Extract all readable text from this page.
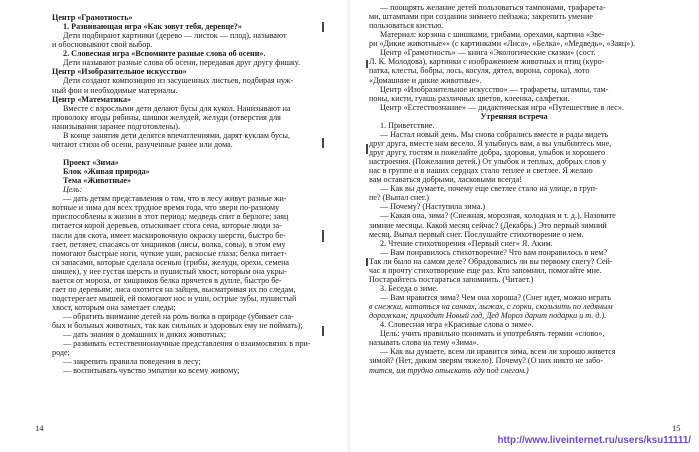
Центр «Грамотность»
1. Развивающая игра «Как зовут тебя, деревце?»
Дети подбирают картинки (дерево — листок — плод), называют
и обосновывают свой выбор.
2. Словесная игра «Вспомните разные слова об осени».
Дети называют разные слова об осени, передавая друг другу фишку.
Центр «Изобразительное искусство»
Дети создают композицию из засушенных листьев, подбирая нуж-
ный фон и необходимые материалы.
Центр «Математика»
Вместе с взрослыми дети делают бусы для кукол. Нанизывают на
проволоку ягоды рябины, шишки желудей, желуди (отверстия для
нанизывания заранее подготовлены).
В конце занятия дети делятся впечатлениями, дарят куклам бусы,
читают стихи об осени, разученные ранее или дома.

Проект «Зима»
Блок «Живая природа»
Тема «Животные»
Цель:
— дать детям представления о том, что в лесу живут разные жи-
вотные и зима для всех трудное время года, что звери по-разному
приспособлены к жизни в этот период: медведь спит в берлоге; заяц
питается корой деревьев, отыскивает стога сена, которые люди за-
пасли для скота, имеет маскировочную окраску шерсти, быстро бе-
гает, петляет, спасаясь от хищников (лисы, волка, совы), в этом ему
помогают быстрые ноги, чуткие уши, раскосые глаза; белка питает-
ся запасами, которые сделала осенью (грибы, желуди, орехи, семена
шишек), у нее густая шерсть и пушистый хвост, которым она укры-
вается от мороза, от хищников белка прячется в дупле, быстро бе-
гает по деревьям; лиса охотится на зайцев, высматривая их по следам,
подстерегает мышей, ей помогают нос и уши, острые зубы, пушистый
хвост, которым она заметает следы;
— обратить внимание детей на роль волка в природе (убивает сла-
бых и больных животных, так как сильных и здоровых ему не поймать);
— дать знания о домашних и диких животных;
— развивать естественнонаучные представления о взаимосвязях в при-
роде;
— закрепить правила поведения в лесу;
— воспитывать чувство эмпатии ко всему живому;
14
— поощрять желание детей пользоваться тампонами, трафарета-
ми, штампами при создании зимнего пейзажа; закрепить умение
пользоваться кистью.
Материал: корзина с шишками, грибами, орехами, картина «Зве-
ри «Дикие животные»» (с картинками «Лиса», «Белка», «Медведь», «Заяц»).
Центр «Грамотность» — книга «Экологические сказки» (сост.
Л. К. Молодова), картинки с изображением животных и птиц (куро-
патка, клесты, бобры, лось, косуля, дятел, ворона, сорока), лото
«Домашние и дикие животные».
Центр «Изобразительное искусство» — трафареты, штампы, там-
поны, кисти, гуашь различных цветов, клеенка, салфетки.
Центр «Естествознание» — дидактическая игра «Путешествие в лес».
Утренняя встреча
1. Приветствие.
— Настал новый день. Мы снова собрались вместе и рады видеть
друг друга, вместе нам весело. Я улыбнусь вам, а вы улыбнитесь мне,
друг другу, гостям и пожелайте добра, здоровья, улыбок и хорошего
настроения. (Пожелания детей.) От улыбок и теплых, добрых слов у
нас в группе и в наших сердцах стало теплее и светлее. Я желаю
вам оставаться добрыми, ласковыми всегда!
— Как вы думаете, почему еще светлее стало на улице, в груп-
пе? (Выпал снег.)
— Почему? (Наступила зима.)
— Какая она, зима? (Снежная, морозная, холодная и т. д.). Назовите
зимние месяцы. Какой месяц сейчас? (Декабрь.) Это первый зимний
месяц. Выпал первый снег. Послушайте стихотворение о нем.
2. Чтение стихотворения «Первый снег» Я. Аким.
— Вам понравилось стихотворение? Что вам понравилось в нем?
Так ли было на самом деле? Обрадовались ли вы первому снегу? Сей-
час я прочту стихотворение еще раз. Кто запомнил, помогайте мне.
Постарайтесь постараться запомнить. (Читает.)
3. Беседа о зиме.
— Вам нравится зима? Чем она хороша? (Снег идет, можно играть
в снежки, кататься на санках, лыжах, с горки, скользить по ледяным
дорожкам; приходит Новый год, Дед Мороз дарит подарки и т. д.).
4. Словесная игра «Красивые слова о зиме».
Цель: учить правильно понимать и употреблять термин «слово»,
называть слова на тему «Зима».
— Как вы думаете, всем ли нравится зима, всем ли хорошо живется
зимой? (Нет, диким зверям тяжело). Почему? (О них никто не забо-
тится, им трудно отыскать еду под снегом.)
15
http://www.liveinternet.ru/users/ksu11111/
